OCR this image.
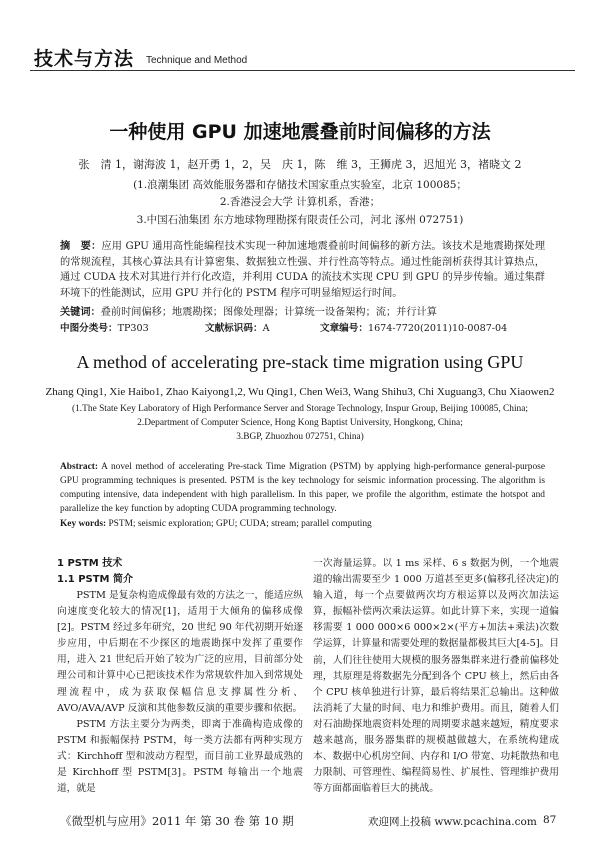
技术与方法 Technique and Method
一种使用 GPU 加速地震叠前时间偏移的方法
张　清 1，谢海波 1，赵开勇 1，2，吴　庆 1，陈　维 3，王狮虎 3，迟旭光 3，褚晓文 2
(1.浪潮集团 高效能服务器和存储技术国家重点实验室，北京 100085；
2.香港浸会大学 计算机系，香港；
3.中国石油集团 东方地球物理勘探有限责任公司，河北 涿州 072751)
摘　要：应用 GPU 通用高性能编程技术实现一种加速地震叠前时间偏移的新方法。该技术是地震勘探处理的常规流程，其核心算法具有计算密集、数据独立性强、并行性高等特点。通过性能剖析获得其计算热点，通过 CUDA 技术对其进行并行化改造，并利用 CUDA 的流技术实现 CPU 到 GPU 的异步传输。通过集群环境下的性能测试，应用 GPU 并行化的 PSTM 程序可明显缩短运行时间。
关键词：叠前时间偏移；地震勘探；图像处理器；计算统一设备架构；流；并行计算
中图分类号：TP303	文献标识码：A	文章编号：1674-7720(2011)10-0087-04
A method of accelerating pre-stack time migration using GPU
Zhang Qing1, Xie Haibo1, Zhao Kaiyong1,2, Wu Qing1, Chen Wei3, Wang Shihu3, Chi Xuguang3, Chu Xiaowen2
(1.The State Key Laboratory of High Performance Server and Storage Technology, Inspur Group, Beijing 100085, China;
2.Department of Computer Science, Hong Kong Baptist University, Hongkong, China;
3.BGP, Zhuozhou 072751, China)
Abstract: A novel method of accelerating Pre-stack Time Migration (PSTM) by applying high-performance general-purpose GPU programming techniques is presented. PSTM is the key technology for seismic information processing. The algorithm is computing intensive, data independent with high parallelism. In this paper, we profile the algorithm, estimate the hotspot and parallelize the key function by adopting CUDA programming technology.
Key words: PSTM; seismic exploration; GPU; CUDA; stream; parallel computing
1 PSTM 技术
1.1 PSTM 简介

PSTM 是复杂构造成像最有效的方法之一，能适应纵向速度变化较大的情况[1]，适用于大倾角的偏移成像[2]。PSTM 经过多年研究，20 世纪 90 年代初期开始逐步应用，中后期在不少探区的地震勘探中发挥了重要作用，进入 21 世纪后开始了较为广泛的应用，目前部分处理公司和计算中心已把该技术作为常规软件加入到常规处理流程中，成为获取保幅信息支撑属性分析、AVO/AVA/AVP 反演和其他参数反演的重要步骤和依据。

PSTM 方法主要分为两类，即离于准确构造成像的 PSTM 和振幅保持 PSTM，每一类方法都有两种实现方式：Kirchhoff 型和波动方程型，而目前工业界最成熟的是 Kirchhoff 型 PSTM[3]。PSTM 每输出一个地震道，就是

一次海量运算。以 1 ms 采样、6 s 数据为例，一个地震道的输出需要至少 1 000 万道甚至更多(偏移孔径决定)的输入道，每一个点要做两次均方根运算以及两次加法运算，振幅补偿两次乘法运算。如此计算下来，实现一道偏移需要 1 000 000×6 000×2×(平方+加法+乘法)次数学运算，计算量和需要处理的数据量都极其巨大[4-5]。目前，人们往往使用大规模的服务器集群来进行叠前偏移处理，其原理是将数据先分配到各个 CPU 核上，然后由各个 CPU 核单独进行计算，最后将结果汇总输出。这种做法消耗了大量的时间、电力和维护费用。而且，随着人们对石油勘探地震资料处理的周期要求越来越短，精度要求越来越高，服务器集群的规模越做越大，在系统构建成本、数据中心机房空间、内存和 I/O 带宽、功耗散热和电力限制、可管理性、编程简易性、扩展性、管理维护费用等方面都面临着巨大的挑战。

《微型机与应用》2011 年 第 30 卷 第 10 期	欢迎网上投稿 www.pcachina.com 87
